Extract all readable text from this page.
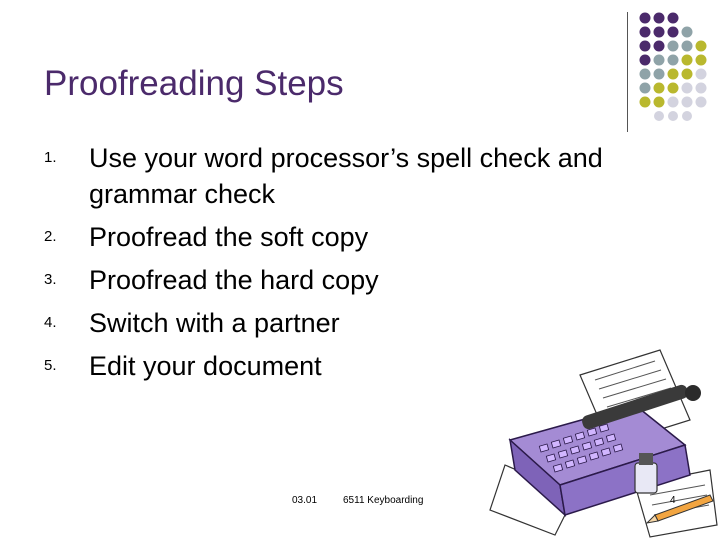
Proofreading Steps
1. Use your word processor’s spell check and grammar check
2. Proofread the soft copy
3. Proofread the hard copy
4. Switch with a partner
5. Edit your document
03.01	6511 Keyboarding	4
